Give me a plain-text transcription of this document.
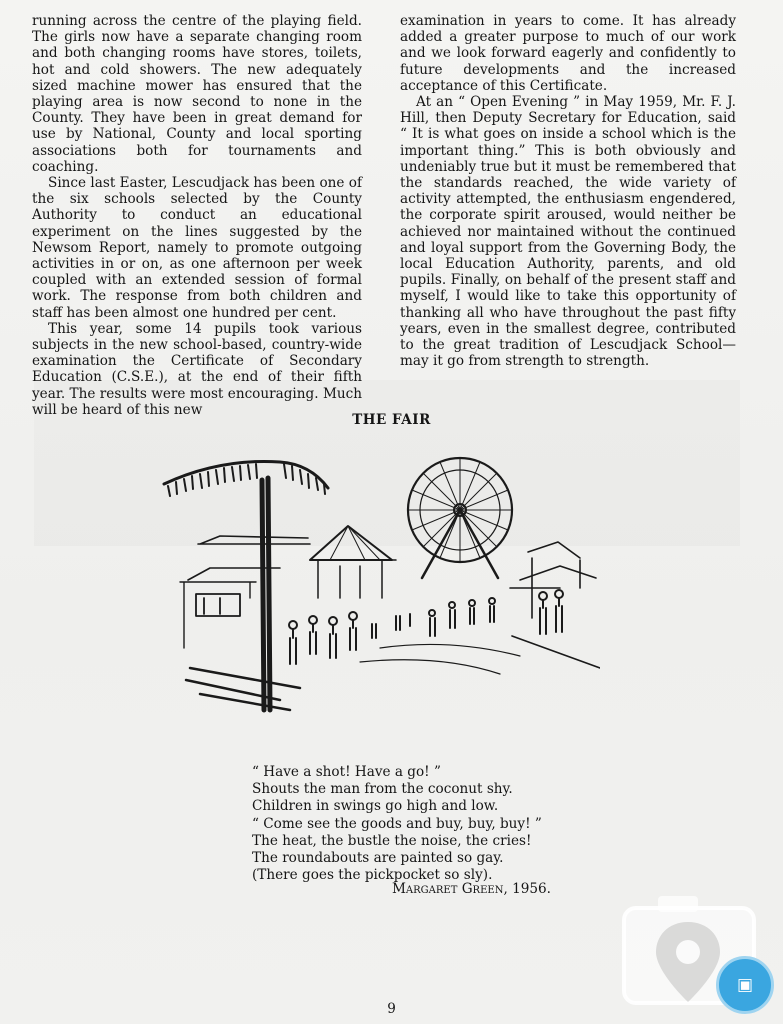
running across the centre of the playing field. The girls now have a separate changing room and both changing rooms have stores, toilets, hot and cold showers. The new adequately sized machine mower has ensured that the playing area is now second to none in the County. They have been in great demand for use by National, County and local sporting associations both for tournaments and coaching.

Since last Easter, Lescudjack has been one of the six schools selected by the County Authority to conduct an educational experiment on the lines suggested by the Newsom Report, namely to promote outgoing activities in or on, as one afternoon per week coupled with an extended session of formal work. The response from both children and staff has been almost one hundred per cent.

This year, some 14 pupils took various subjects in the new school-based, country-wide examination the Certificate of Secondary Education (C.S.E.), at the end of their fifth year. The results were most encouraging. Much will be heard of this new

examination in years to come. It has already added a greater purpose to much of our work and we look forward eagerly and confidently to future developments and the increased acceptance of this Certificate.

At an “ Open Evening ” in May 1959, Mr. F. J. Hill, then Deputy Secretary for Education, said “ It is what goes on inside a school which is the important thing.” This is both obviously and undeniably true but it must be remembered that the standards reached, the wide variety of activity attempted, the enthusiasm engendered, the corporate spirit aroused, would neither be achieved nor maintained without the continued and loyal support from the Governing Body, the local Education Authority, parents, and old pupils. Finally, on behalf of the present staff and myself, I would like to take this opportunity of thanking all who have throughout the past fifty years, even in the smallest degree, contributed to the great tradition of Lescudjack School—may it go from strength to strength.

THE FAIR
“ Have a shot! Have a go! ”
Shouts the man from the coconut shy.
Children in swings go high and low.
“ Come see the goods and buy, buy, buy! ”
The heat, the bustle the noise, the cries!
The roundabouts are painted so gay.
(There goes the pickpocket so sly).
Margaret Green, 1956.
9
▣
